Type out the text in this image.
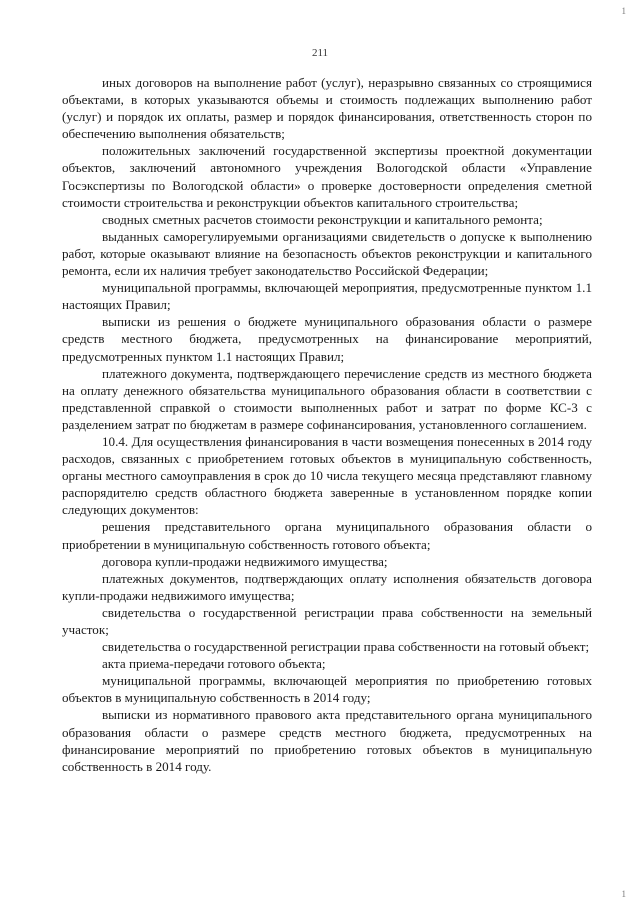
1
211

иных договоров на выполнение работ (услуг), неразрывно связанных со строящимися объектами, в которых указываются объемы и стоимость подлежащих выполнению работ (услуг) и порядок их оплаты, размер и порядок финансирования, ответственность сторон по обеспечению выполнения обязательств;

положительных заключений государственной экспертизы проектной документации объектов, заключений автономного учреждения Вологодской области «Управление Госэкспертизы по Вологодской области» о проверке достоверности определения сметной стоимости строительства и реконструкции объектов капитального строительства;

сводных сметных расчетов стоимости реконструкции и капитального ремонта;

выданных саморегулируемыми организациями свидетельств о допуске к выполнению работ, которые оказывают влияние на безопасность объектов реконструкции и капитального ремонта, если их наличия требует законодательство Российской Федерации;

муниципальной программы, включающей мероприятия, предусмотренные пунктом 1.1 настоящих Правил;

выписки из решения о бюджете муниципального образования области о размере средств местного бюджета, предусмотренных на финансирование мероприятий, предусмотренных пунктом 1.1 настоящих Правил;

платежного документа, подтверждающего перечисление средств из местного бюджета на оплату денежного обязательства муниципального образования области в соответствии с представленной справкой о стоимости выполненных работ и затрат по форме КС-3 с разделением затрат по бюджетам в размере софинансирования, установленного соглашением.

10.4. Для осуществления финансирования в части возмещения понесенных в 2014 году расходов, связанных с приобретением готовых объектов в муниципальную собственность, органы местного самоуправления в срок до 10 числа текущего месяца представляют главному распорядителю средств областного бюджета заверенные в установленном порядке копии следующих документов:

решения представительного органа муниципального образования области о приобретении в муниципальную собственность готового объекта;

договора купли-продажи недвижимого имущества;

платежных документов, подтверждающих оплату исполнения обязательств договора купли-продажи недвижимого имущества;

свидетельства о государственной регистрации права собственности на земельный участок;

свидетельства о государственной регистрации права собственности на готовый объект;

акта приема-передачи готового объекта;

муниципальной программы, включающей мероприятия по приобретению готовых объектов в муниципальную собственность в 2014 году;

выписки из нормативного правового акта представительного органа муниципального образования области о размере средств местного бюджета, предусмотренных на финансирование мероприятий по приобретению готовых объектов в муниципальную собственность в 2014 году.

1
